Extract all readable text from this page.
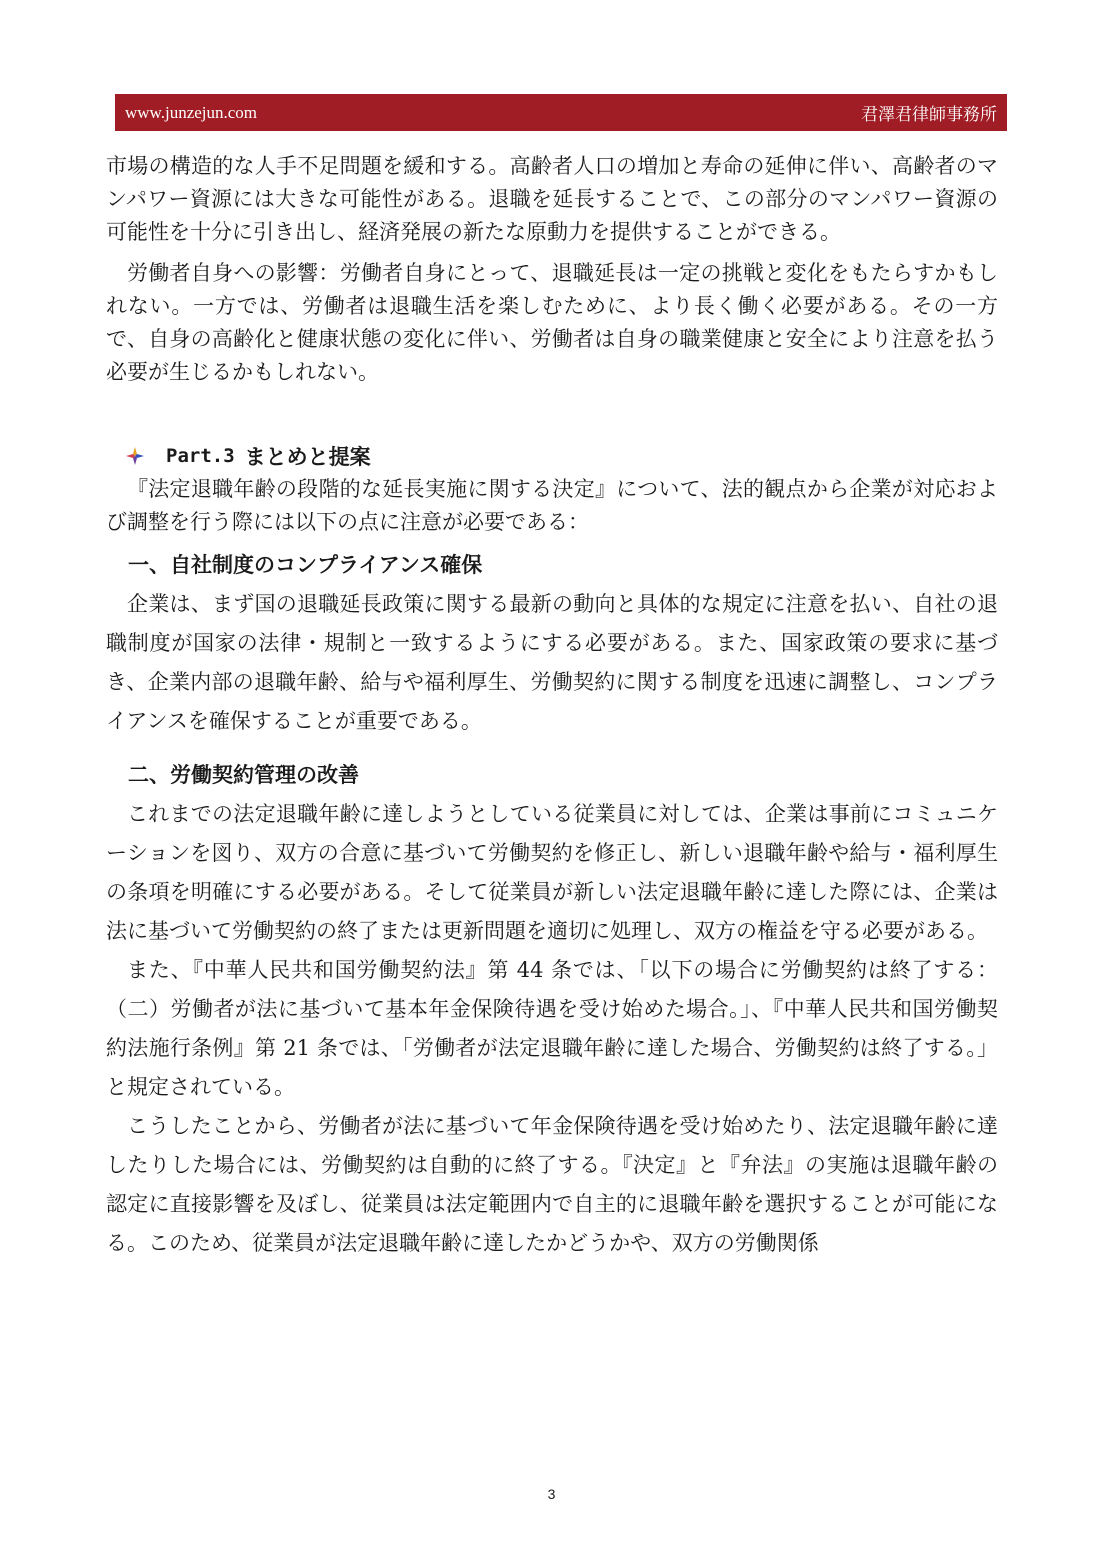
www.junzejun.com	君澤君律師事務所

市場の構造的な人手不足問題を緩和する。高齢者人口の増加と寿命の延伸に伴い、高齢者のマンパワー資源には大きな可能性がある。退職を延長することで、この部分のマンパワー資源の可能性を十分に引き出し、経済発展の新たな原動力を提供することができる。

労働者自身への影響：労働者自身にとって、退職延長は一定の挑戦と変化をもたらすかもしれない。一方では、労働者は退職生活を楽しむために、より長く働く必要がある。その一方で、自身の高齢化と健康状態の変化に伴い、労働者は自身の職業健康と安全により注意を払う必要が生じるかもしれない。

Part.3 まとめと提案

『法定退職年齢の段階的な延長実施に関する決定』について、法的観点から企業が対応および調整を行う際には以下の点に注意が必要である：

一、自社制度のコンプライアンス確保

企業は、まず国の退職延長政策に関する最新の動向と具体的な規定に注意を払い、自社の退職制度が国家の法律・規制と一致するようにする必要がある。また、国家政策の要求に基づき、企業内部の退職年齢、給与や福利厚生、労働契約に関する制度を迅速に調整し、コンプライアンスを確保することが重要である。

二、労働契約管理の改善

これまでの法定退職年齢に達しようとしている従業員に対しては、企業は事前にコミュニケーションを図り、双方の合意に基づいて労働契約を修正し、新しい退職年齢や給与・福利厚生の条項を明確にする必要がある。そして従業員が新しい法定退職年齢に達した際には、企業は法に基づいて労働契約の終了または更新問題を適切に処理し、双方の権益を守る必要がある。

また、『中華人民共和国労働契約法』第 44 条では、「以下の場合に労働契約は終了する：（二）労働者が法に基づいて基本年金保険待遇を受け始めた場合。」、『中華人民共和国労働契約法施行条例』第 21 条では、「労働者が法定退職年齢に達した場合、労働契約は終了する。」と規定されている。

こうしたことから、労働者が法に基づいて年金保険待遇を受け始めたり、法定退職年齢に達したりした場合には、労働契約は自動的に終了する。『決定』と『弁法』の実施は退職年齢の認定に直接影響を及ぼし、従業員は法定範囲内で自主的に退職年齢を選択することが可能になる。このため、従業員が法定退職年齢に達したかどうかや、双方の労働関係

3
